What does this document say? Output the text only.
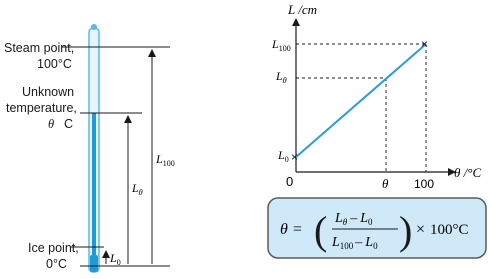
Steam point,
100°C
Unknown
temperature,
θ C
Ice point,
0°C
$L_{100}$
$L_\theta$
$L_0$
×
×
L /cm
θ /°C
$L_{100}$
$L_\theta$
$L_0$
0	θ 100
θ = ( $L_\theta - L_0$
$L_{100} - L_0$ ) × 100°C
